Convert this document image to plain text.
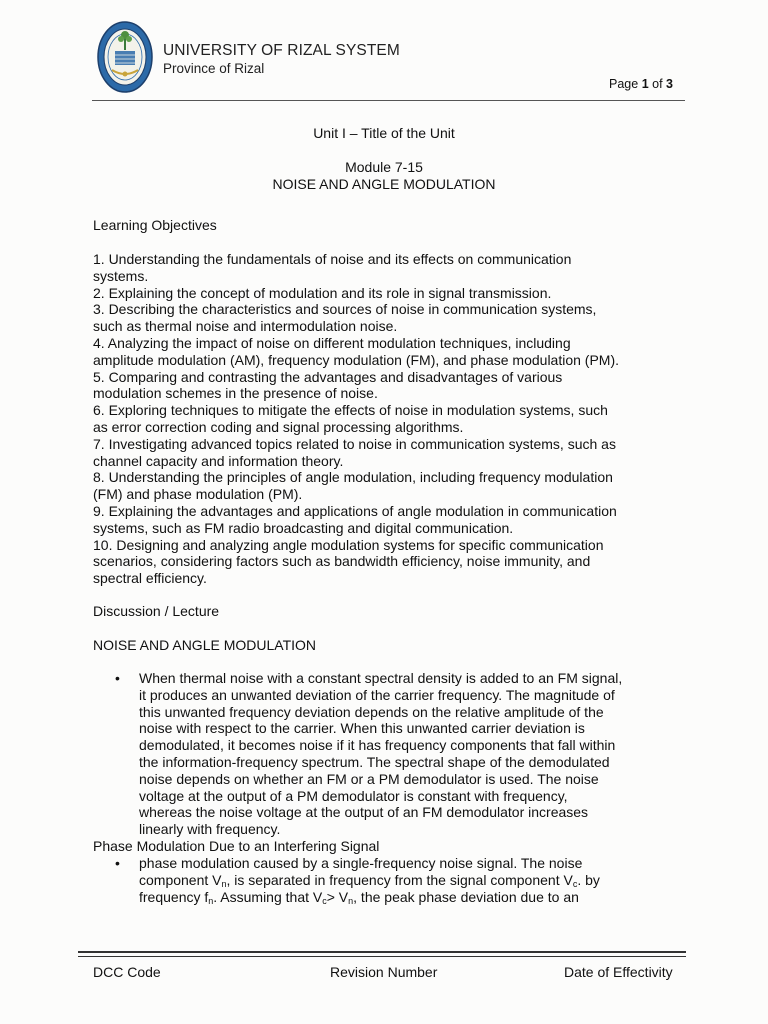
UNIVERSITY OF RIZAL SYSTEM
Province of Rizal
Page 1 of 3
Unit I – Title of the Unit
Module 7-15
NOISE AND ANGLE MODULATION
Learning Objectives
1. Understanding the fundamentals of noise and its effects on communication
systems.
2. Explaining the concept of modulation and its role in signal transmission.
3. Describing the characteristics and sources of noise in communication systems,
such as thermal noise and intermodulation noise.
4. Analyzing the impact of noise on different modulation techniques, including
amplitude modulation (AM), frequency modulation (FM), and phase modulation (PM).
5. Comparing and contrasting the advantages and disadvantages of various
modulation schemes in the presence of noise.
6. Exploring techniques to mitigate the effects of noise in modulation systems, such
as error correction coding and signal processing algorithms.
7. Investigating advanced topics related to noise in communication systems, such as
channel capacity and information theory.
8. Understanding the principles of angle modulation, including frequency modulation
(FM) and phase modulation (PM).
9. Explaining the advantages and applications of angle modulation in communication
systems, such as FM radio broadcasting and digital communication.
10. Designing and analyzing angle modulation systems for specific communication
scenarios, considering factors such as bandwidth efficiency, noise immunity, and
spectral efficiency.
Discussion / Lecture
NOISE AND ANGLE MODULATION
• When thermal noise with a constant spectral density is added to an FM signal,
it produces an unwanted deviation of the carrier frequency. The magnitude of
this unwanted frequency deviation depends on the relative amplitude of the
noise with respect to the carrier. When this unwanted carrier deviation is
demodulated, it becomes noise if it has frequency components that fall within
the information-frequency spectrum. The spectral shape of the demodulated
noise depends on whether an FM or a PM demodulator is used. The noise
voltage at the output of a PM demodulator is constant with frequency,
whereas the noise voltage at the output of an FM demodulator increases
linearly with frequency.
Phase Modulation Due to an Interfering Signal
• phase modulation caused by a single-frequency noise signal. The noise
component $V_n$, is separated in frequency from the signal component $V_c$. by
frequency $f_n$. Assuming that $V_c> V_n$, the peak phase deviation due to an
DCC Code	Revision Number	Date of Effectivity
